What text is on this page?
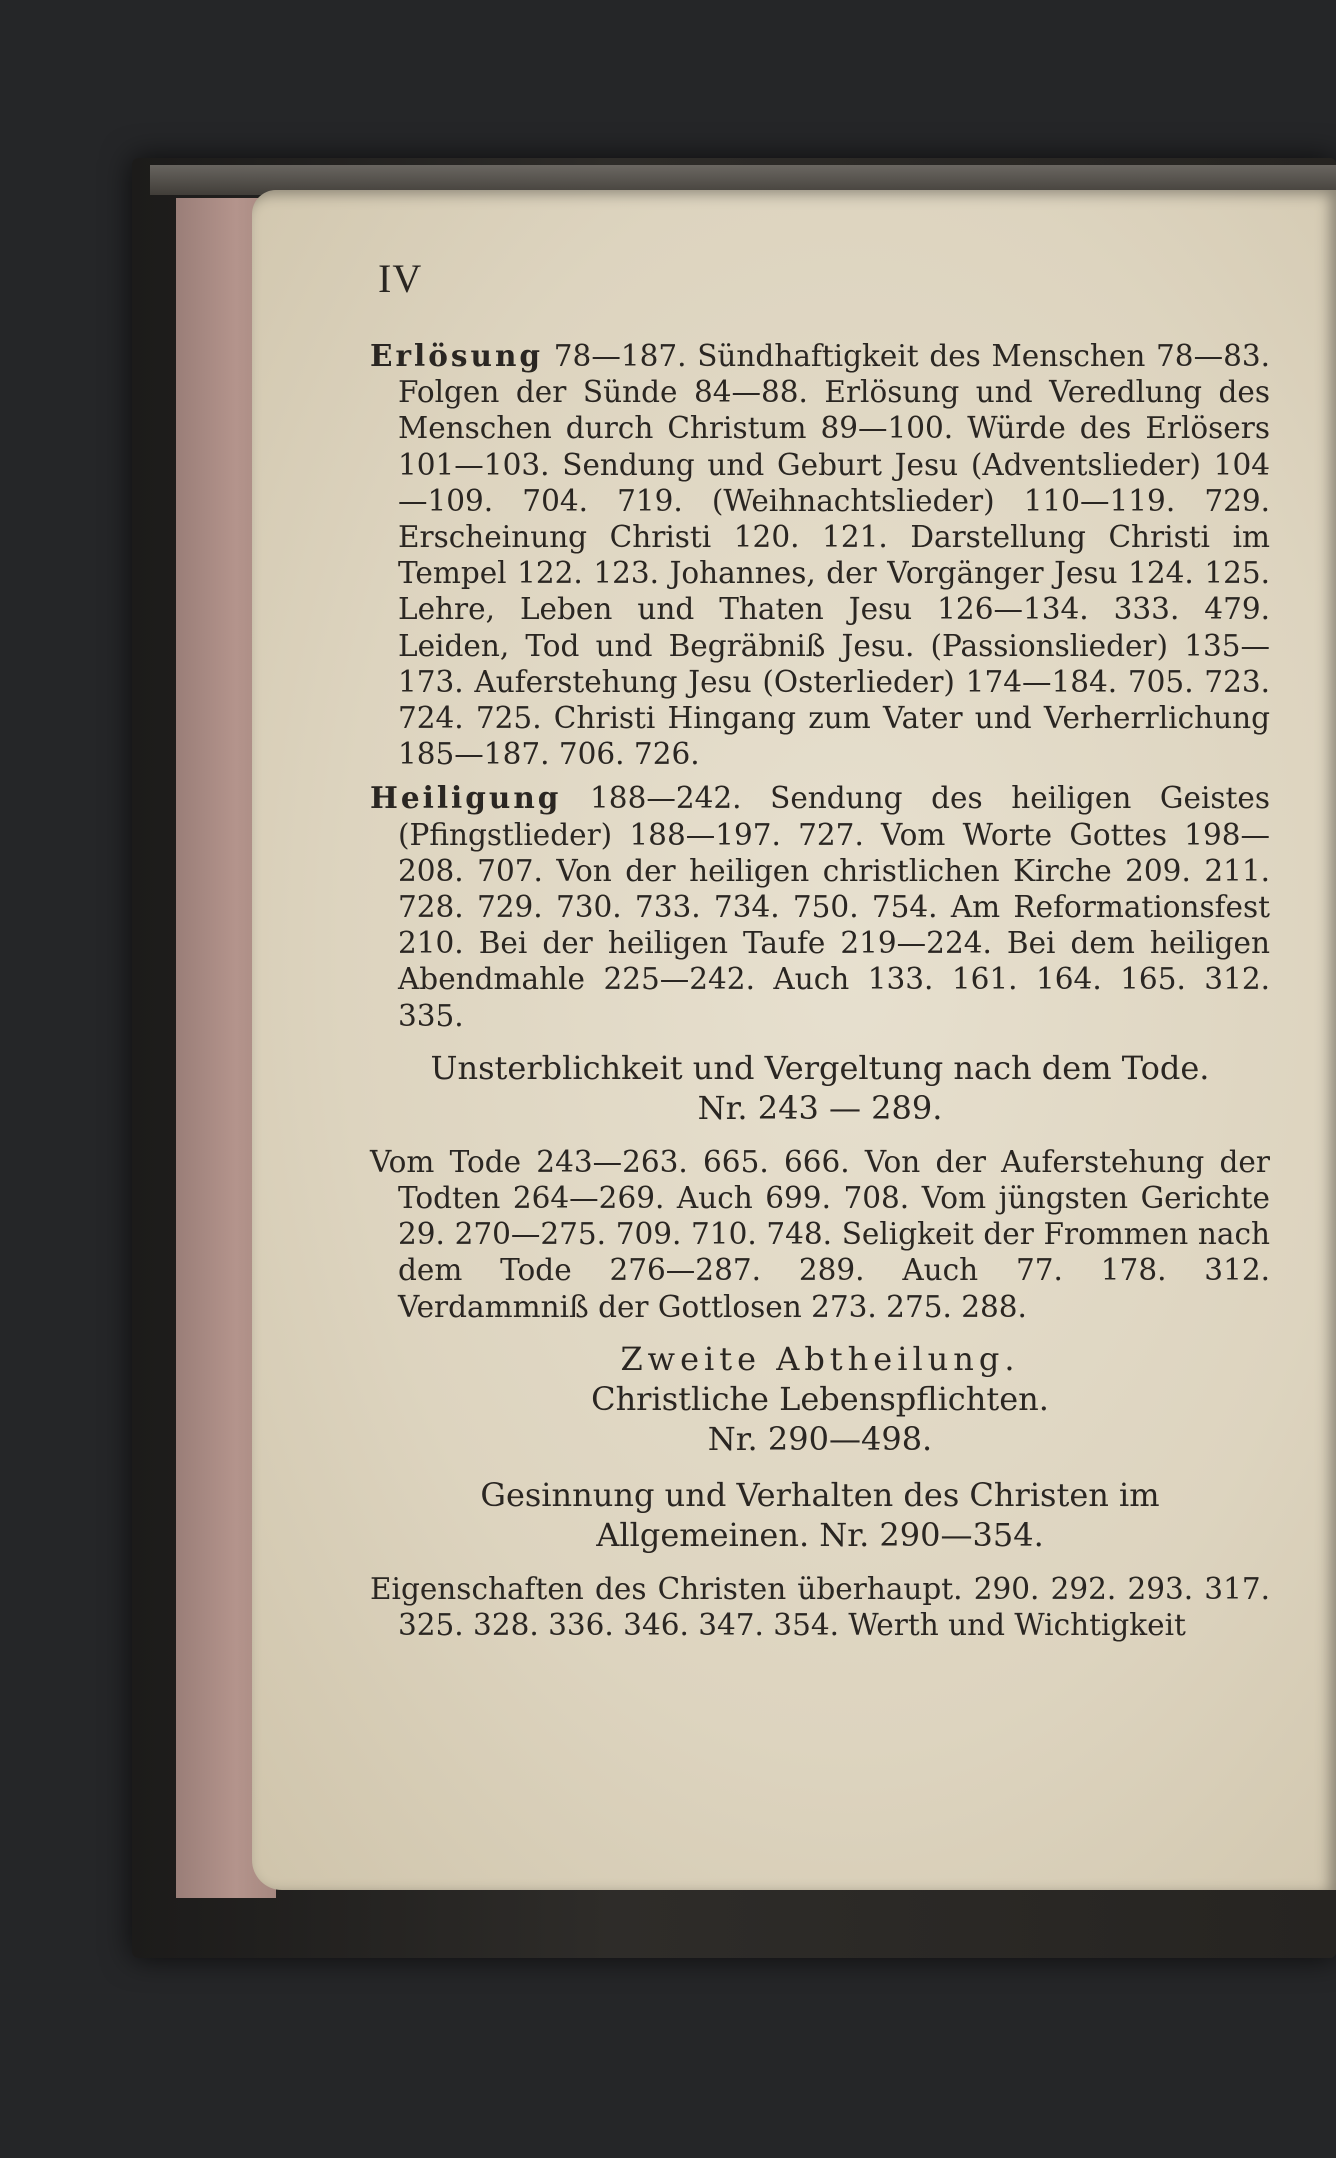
IV

Erlösung 78—187. Sündhaftigkeit des Menschen 78—83. Folgen der Sünde 84—88. Erlösung und Veredlung des Menschen durch Christum 89—100. Würde des Erlösers 101—103. Sendung und Geburt Jesu (Adventslieder) 104—109. 704. 719. (Weihnachtslieder) 110—119. 729. Erscheinung Christi 120. 121. Darstellung Christi im Tempel 122. 123. Johannes, der Vorgänger Jesu 124. 125. Lehre, Leben und Thaten Jesu 126—134. 333. 479. Leiden, Tod und Begräbniß Jesu. (Passionslieder) 135—173. Auferstehung Jesu (Osterlieder) 174—184. 705. 723. 724. 725. Christi Hingang zum Vater und Verherrlichung 185—187. 706. 726.

Heiligung 188—242. Sendung des heiligen Geistes (Pfingstlieder) 188—197. 727. Vom Worte Gottes 198—208. 707. Von der heiligen christlichen Kirche 209. 211. 728. 729. 730. 733. 734. 750. 754. Am Reformationsfest 210. Bei der heiligen Taufe 219—224. Bei dem heiligen Abendmahle 225—242. Auch 133. 161. 164. 165. 312. 335.

Unsterblichkeit und Vergeltung nach dem Tode.
Nr. 243 — 289.

Vom Tode 243—263. 665. 666. Von der Auferstehung der Todten 264—269. Auch 699. 708. Vom jüngsten Gerichte 29. 270—275. 709. 710. 748. Seligkeit der Frommen nach dem Tode 276—287. 289. Auch 77. 178. 312. Verdammniß der Gottlosen 273. 275. 288.

Zweite Abtheilung.
Christliche Lebenspflichten.
Nr. 290—498.
Gesinnung und Verhalten des Christen im Allgemeinen. Nr. 290—354.

Eigenschaften des Christen überhaupt. 290. 292. 293. 317. 325. 328. 336. 346. 347. 354. Werth und Wichtigkeit
